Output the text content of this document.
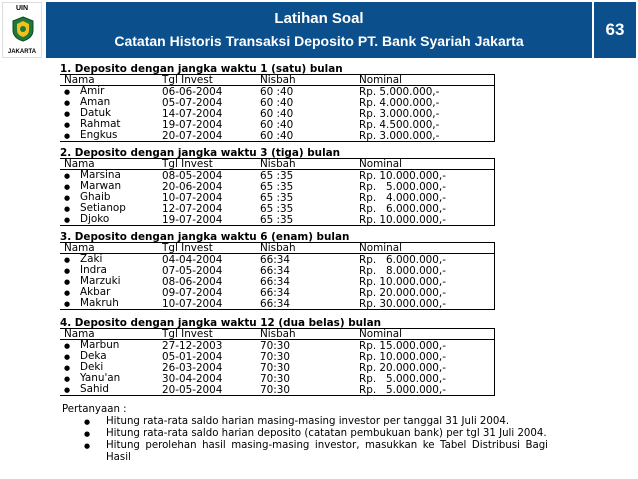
UIN
JAKARTA
Latihan Soal
Catatan Historis Transaksi Deposito PT. Bank Syariah Jakarta
63
1. Deposito dengan jangka waktu 1 (satu) bulan
Nama	Tgl Invest	Nisbah	Nominal
● Amir	06-06-2004	60 :40	Rp. 5.000.000,-
● Aman	05-07-2004	60 :40	Rp. 4.000.000,-
● Datuk	14-07-2004	60 :40	Rp. 3.000.000,-
● Rahmat	19-07-2004	60 :40	Rp. 4.500.000,-
● Engkus	20-07-2004	60 :40	Rp. 3.000.000,-
2. Deposito dengan jangka waktu 3 (tiga) bulan
Nama	Tgl Invest	Nisbah	Nominal
● Marsina	08-05-2004	65 :35	Rp. 10.000.000,-
● Marwan	20-06-2004	65 :35	Rp.   5.000.000,-
● Ghaib	10-07-2004	65 :35	Rp.   4.000.000,-
● Setianop	12-07-2004	65 :35	Rp.   6.000.000,-
● Djoko	19-07-2004	65 :35	Rp. 10.000.000,-
3. Deposito dengan jangka waktu 6 (enam) bulan
Nama	Tgl Invest	Nisbah	Nominal
● Zaki	04-04-2004	66:34	Rp.   6.000.000,-
● Indra	07-05-2004	66:34	Rp.   8.000.000,-
● Marzuki	08-06-2004	66:34	Rp. 10.000.000,-
● Akbar	09-07-2004	66:34	Rp. 20.000.000,-
● Makruh	10-07-2004	66:34	Rp. 30.000.000,-
4. Deposito dengan jangka waktu 12 (dua belas) bulan
Nama	Tgl Invest	Nisbah	Nominal
● Marbun	27-12-2003	70:30	Rp. 15.000.000,-
● Deka	05-01-2004	70:30	Rp. 10.000.000,-
● Deki	26-03-2004	70:30	Rp. 20.000.000,-
● Yanu'an	30-04-2004	70:30	Rp.   5.000.000,-
● Sahid	20-05-2004	70:30	Rp.   5.000.000,-
Pertanyaan :
● Hitung rata-rata saldo harian masing-masing investor per tanggal 31 Juli 2004.
● Hitung rata-rata saldo harian deposito (catatan pembukuan bank) per tgl 31 Juli 2004.
● Hitung perolehan hasil masing-masing investor, masukkan ke Tabel Distribusi Bagi Hasil
